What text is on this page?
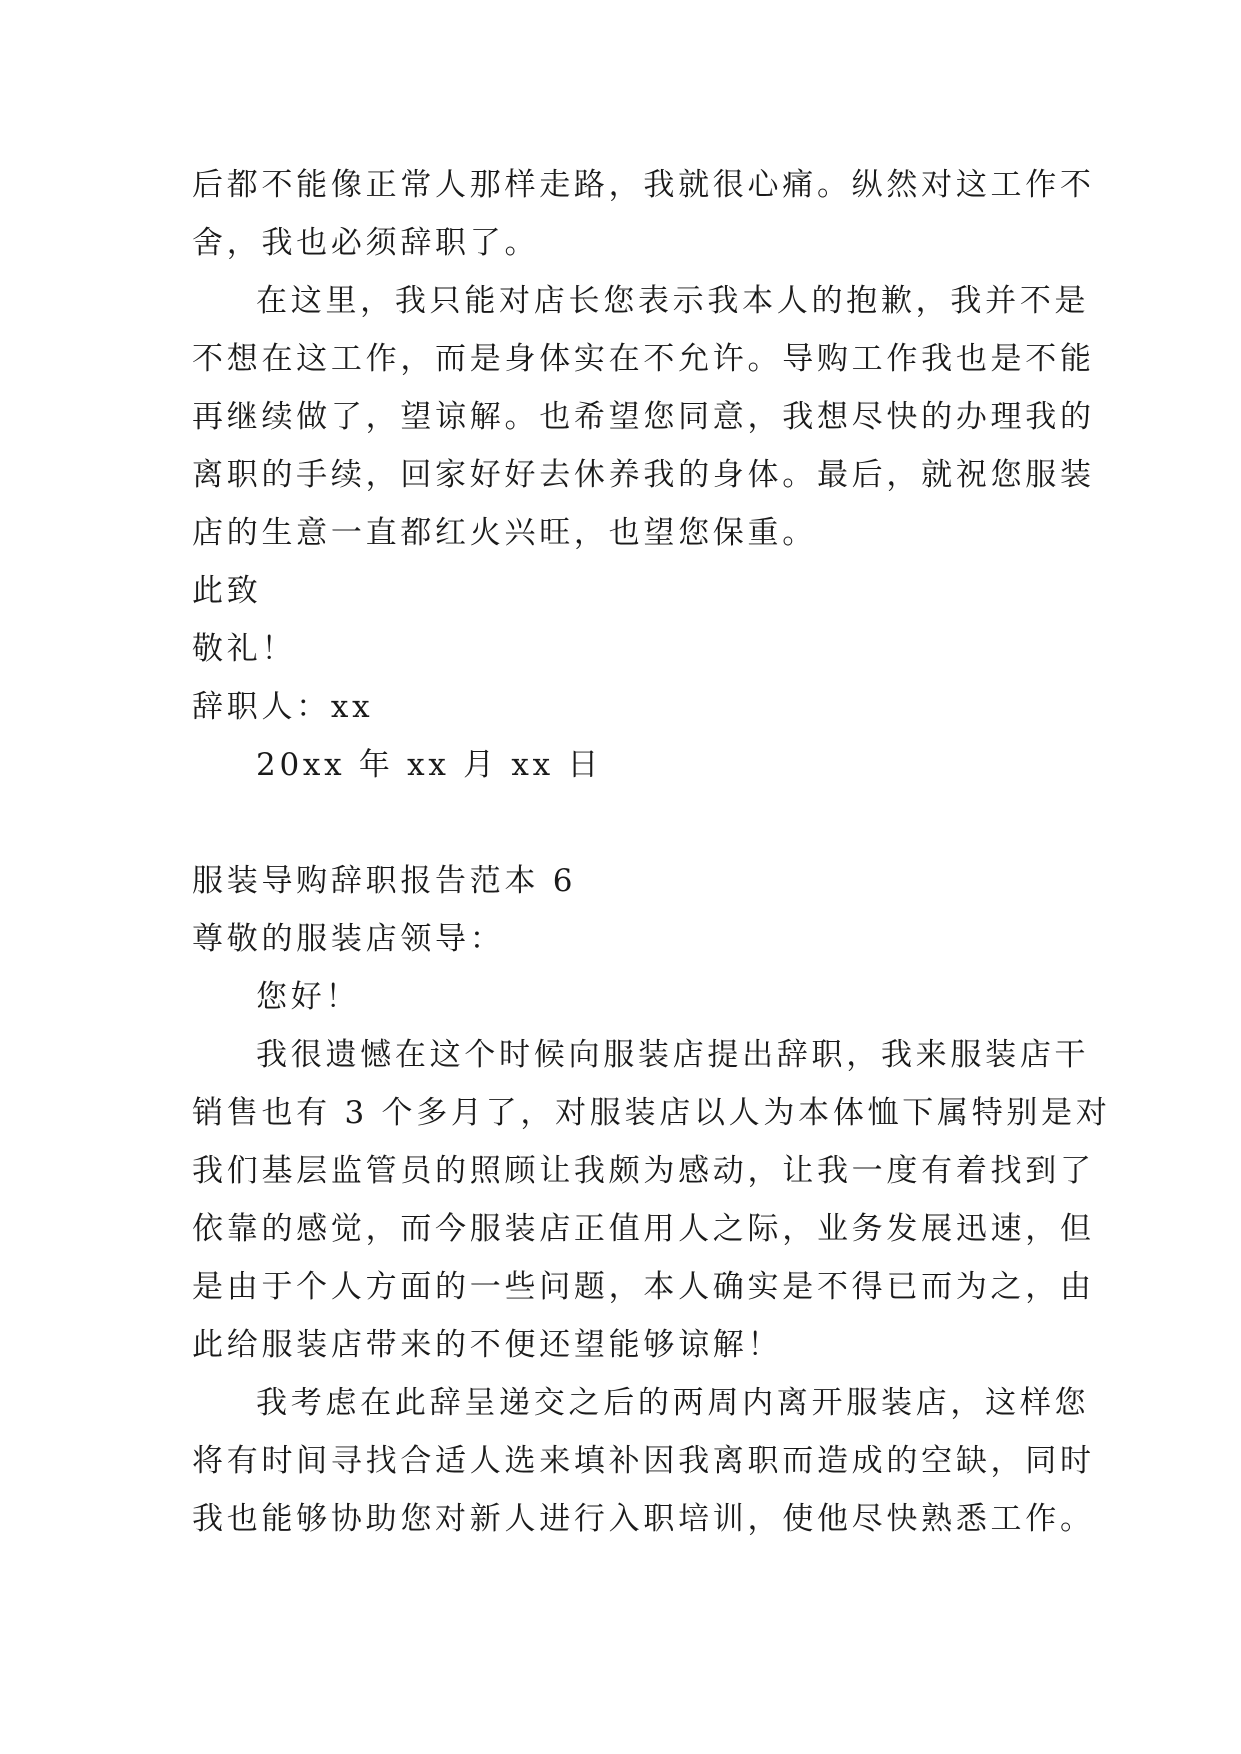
后都不能像正常人那样走路，我就很心痛。纵然对这工作不
舍，我也必须辞职了。
在这里，我只能对店长您表示我本人的抱歉，我并不是
不想在这工作，而是身体实在不允许。导购工作我也是不能
再继续做了，望谅解。也希望您同意，我想尽快的办理我的
离职的手续，回家好好去休养我的身体。最后，就祝您服装
店的生意一直都红火兴旺，也望您保重。
此致
敬礼！
辞职人：xx
20xx 年 xx 月 xx 日
服装导购辞职报告范本 6
尊敬的服装店领导：
您好！
我很遗憾在这个时候向服装店提出辞职，我来服装店干
销售也有 3 个多月了，对服装店以人为本体恤下属特别是对
我们基层监管员的照顾让我颇为感动，让我一度有着找到了
依靠的感觉，而今服装店正值用人之际，业务发展迅速，但
是由于个人方面的一些问题，本人确实是不得已而为之，由
此给服装店带来的不便还望能够谅解！
我考虑在此辞呈递交之后的两周内离开服装店，这样您
将有时间寻找合适人选来填补因我离职而造成的空缺，同时
我也能够协助您对新人进行入职培训，使他尽快熟悉工作。
